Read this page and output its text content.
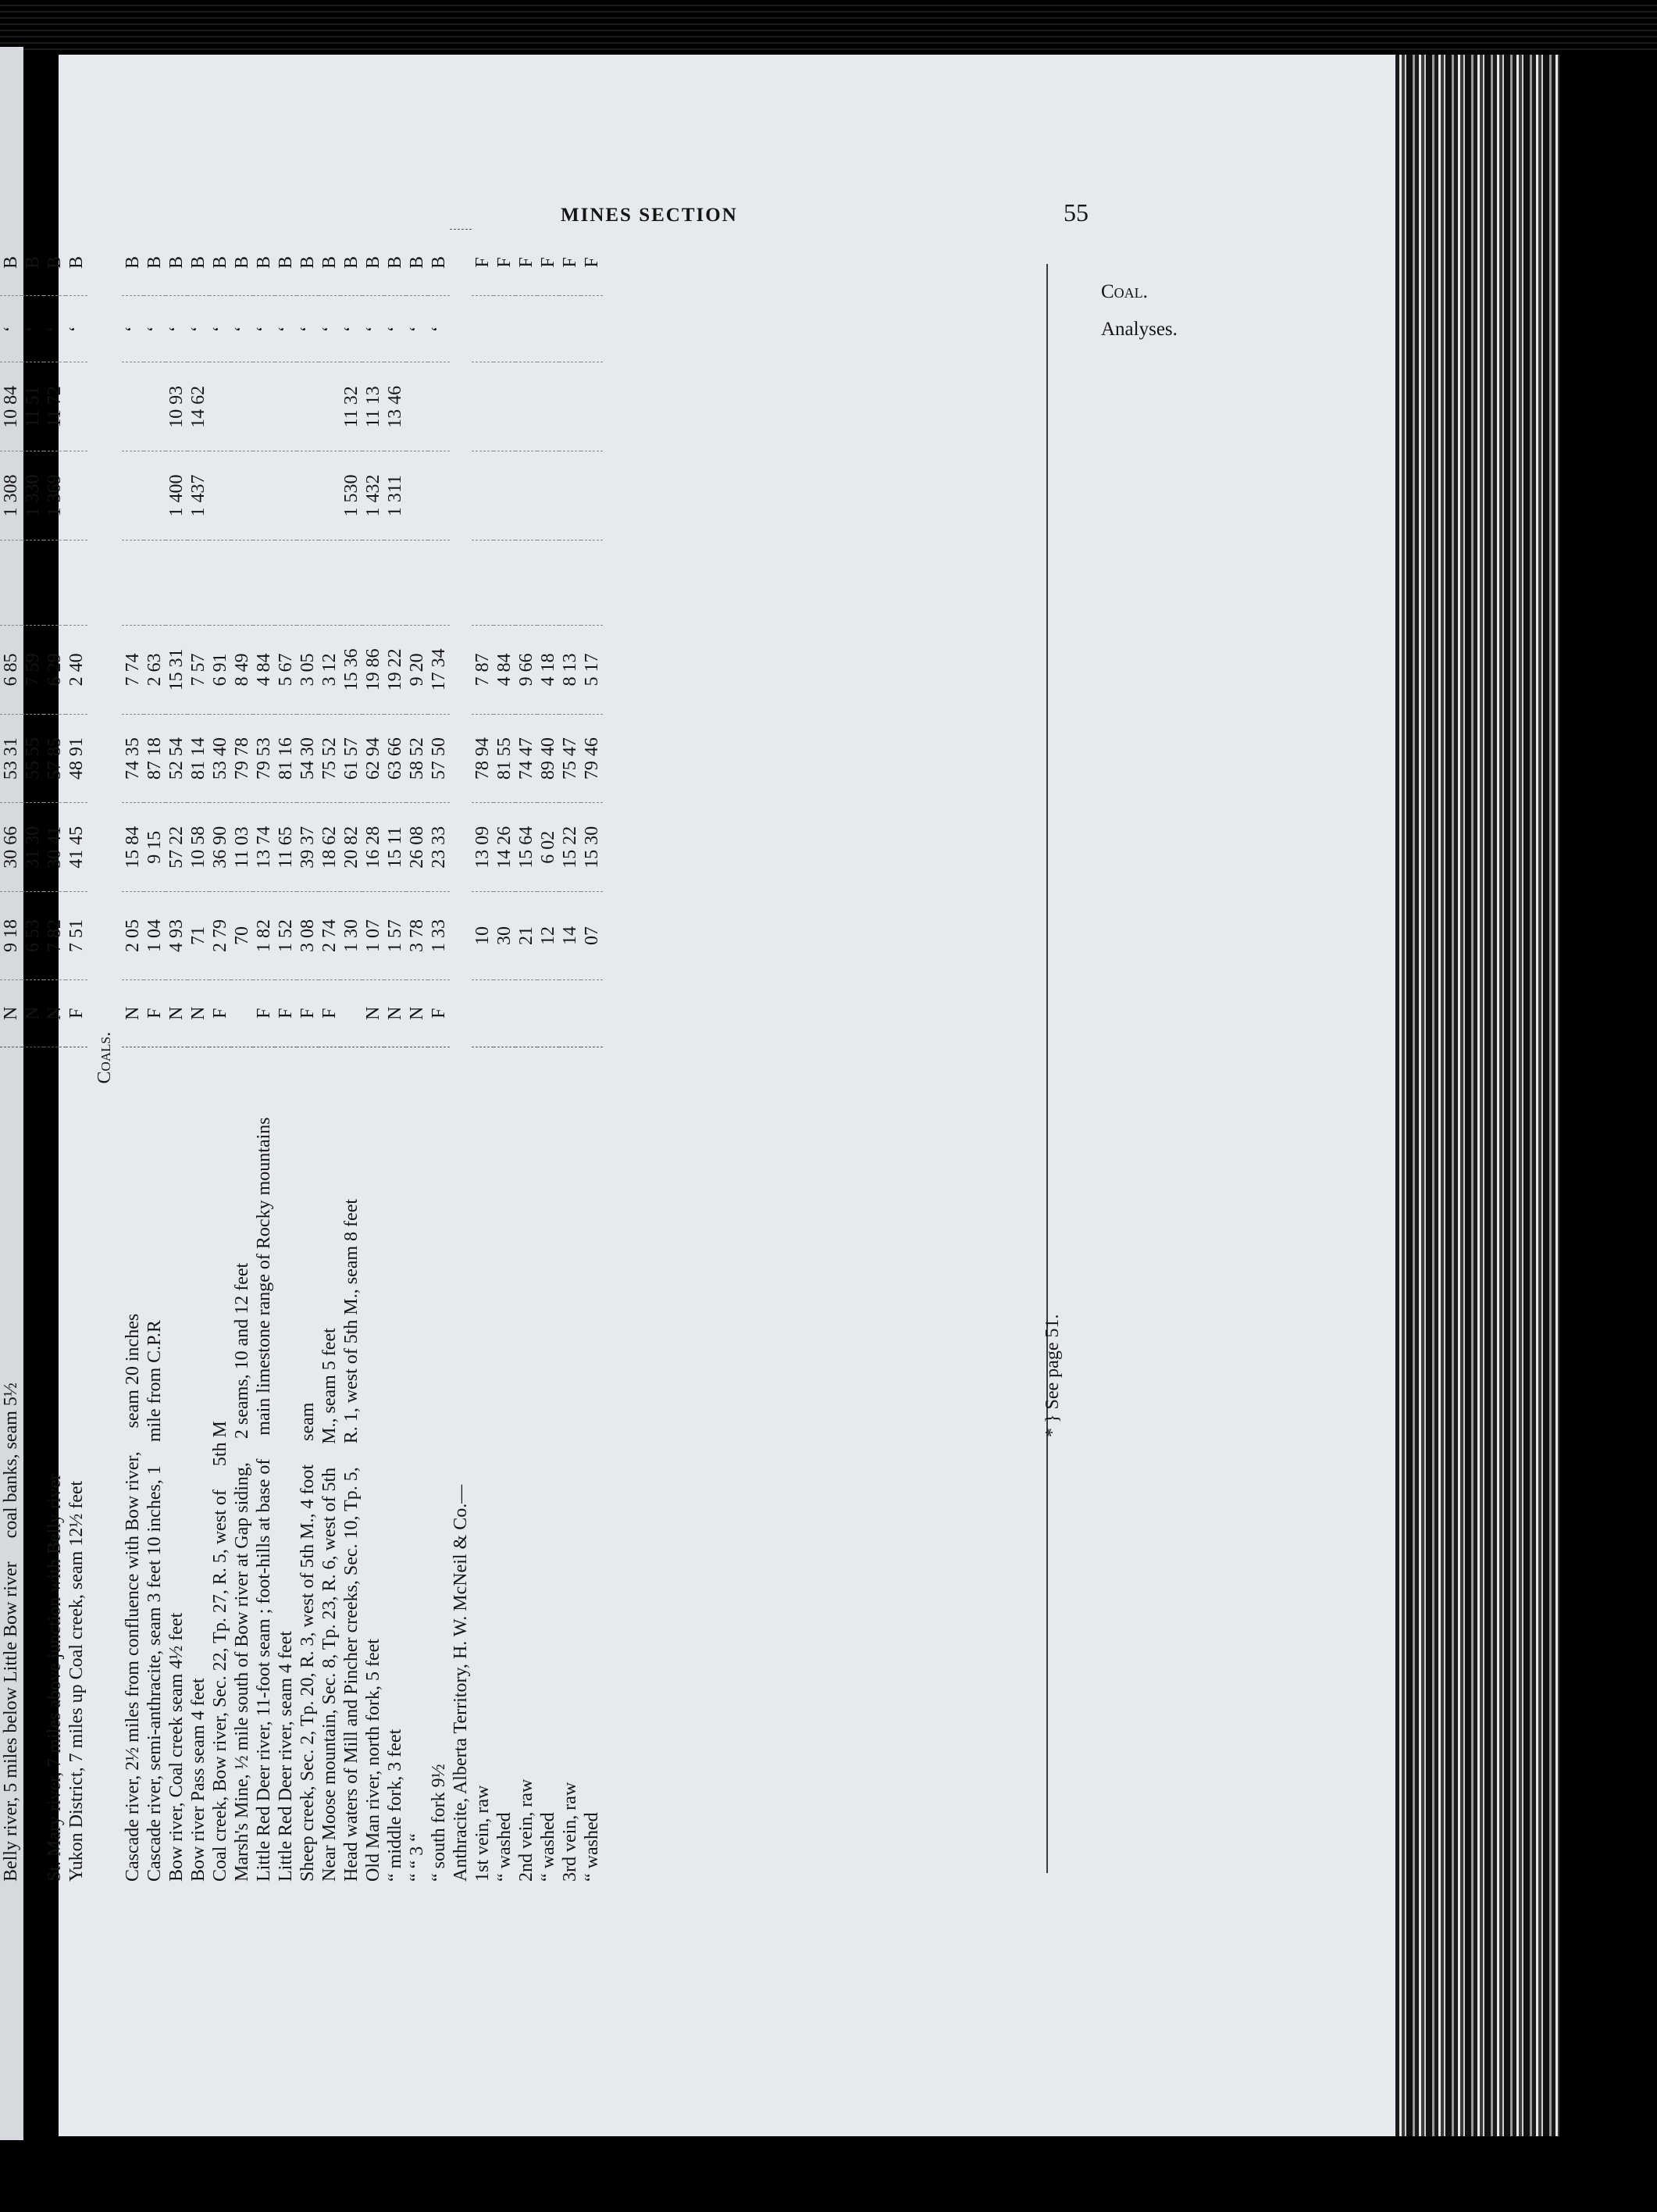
MINES SECTION	55
Coal.
Analyses.
Belly river, 5 miles below Little Bow rivercoal banks, seam 5½	N	9 18	30 66	53 31	6 85		1 308	10 84	‘	B
	N	6 53	31 30	55 55	7 59		1 330	11 51	‘	B
St. Mary river, 7 miles above junction with Belly river	N	7 82	30 41	57 85	6 29		1 369	11 72	‘	B
Yukon District, 7 miles up Coal creek, seam 12½ feet	F	7 51	41 45	48 91	2 40				‘	B
Coals.										
Cascade river, 2½ miles from confluence with Bow river,seam 20 inches	N	2 05	15 84	74 35	7 74				‘	B
Cascade river, semi-anthracite, seam 3 feet 10 inches, 1mile from C.P.R	F	1 04	9 15	87 18	2 63				‘	B
Bow river, Coal creek seam 4½ feet	N	4 93	57 22	52 54	15 31		1 400	10 93	‘	B
Bow river Pass seam 4 feet	N	71	10 58	81 14	7 57		1 437	14 62	‘	B
Coal creek, Bow river, Sec. 22, Tp. 27, R. 5, west of5th M	F	2 79	36 90	53 40	6 91				‘	B
Marsh's Mine, ½ mile south of Bow river at Gap siding,2 seams, 10 and 12 feet		70	11 03	79 78	8 49				‘	B
Little Red Deer river, 11-foot seam ; foot-hills at base ofmain limestone range of Rocky mountains	F	1 82	13 74	79 53	4 84				‘	B
Little Red Deer river, seam 4 feet	F	1 52	11 65	81 16	5 67				‘	B
Sheep creek, Sec. 2, Tp. 20, R. 3, west of 5th M., 4 footseam	F	3 08	39 37	54 30	3 05				‘	B
Near Moose mountain, Sec. 8, Tp. 23, R. 6, west of 5thM., seam 5 feet	F	2 74	18 62	75 52	3 12				‘	B
Head waters of Mill and Pincher creeks, Sec. 10, Tp. 5,R. 1, west of 5th M., seam 8 feet		1 30	20 82	61 57	15 36		1 530	11 32	‘	B
Old Man river, north fork, 5 feet	N	1 07	16 28	62 94	19 86		1 432	11 13	‘	B
“ middle fork, 3 feet	N	1 57	15 11	63 66	19 22		1 311	13 46	‘	B
“ “ 3 “	N	3 78	26 08	58 52	9 20				‘	B
“ south fork 9½	F	1 33	23 33	57 50	17 34				‘	B
Anthracite, Alberta Territory, H. W. McNeil & Co.—										
1st vein, raw		10	13 09	78 94	7 87					F
“ washed		30	14 26	81 55	4 84					F
2nd vein, raw		21	15 64	74 47	9 66					F
“ washed		12	6 02	89 40	4 18					F
3rd vein, raw		14	15 22	75 47	8 13					F
“ washed		07	15 30	79 46	5 17					F
* } See page 51.
